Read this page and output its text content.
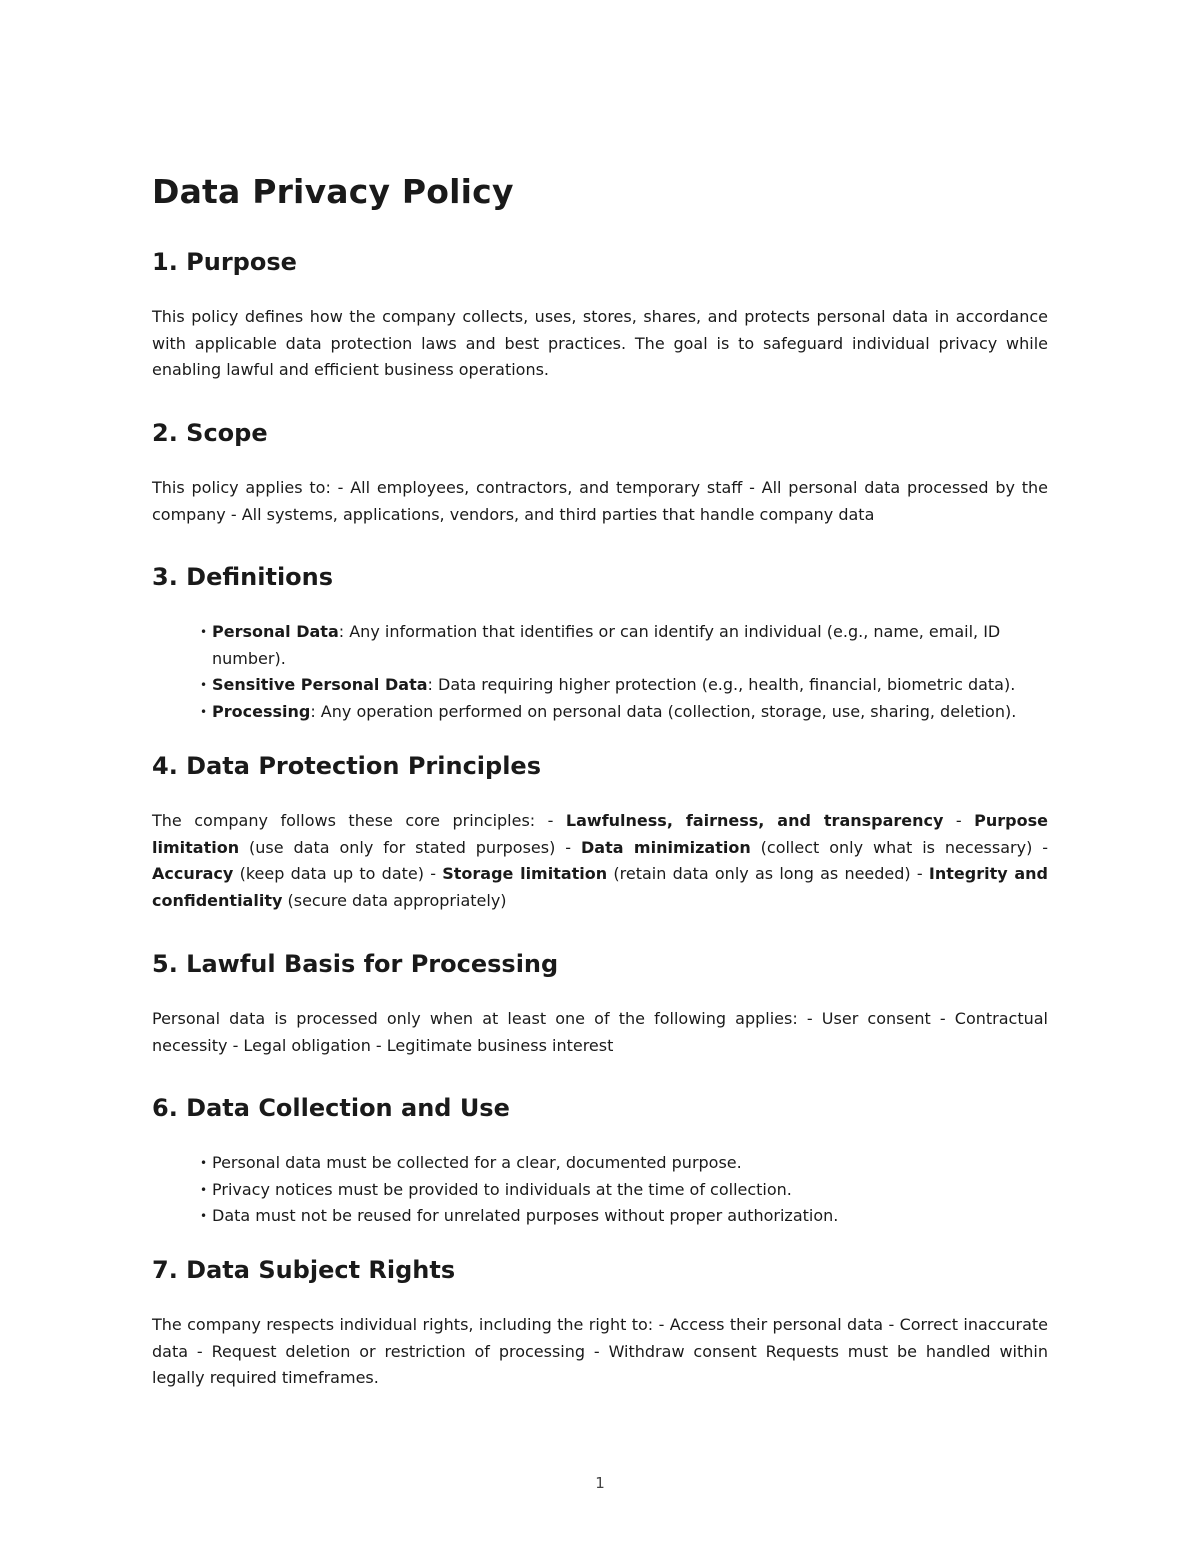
Data Privacy Policy
1. Purpose

This policy defines how the company collects, uses, stores, shares, and protects personal data in accordance with applicable data protection laws and best practices. The goal is to safeguard individual privacy while enabling lawful and efficient business operations.

2. Scope

This policy applies to: - All employees, contractors, and temporary staff - All personal data processed by the company - All systems, applications, vendors, and third parties that handle company data

3. Definitions
• Personal Data: Any information that identifies or can identify an individual (e.g., name, email, ID number).
• Sensitive Personal Data: Data requiring higher protection (e.g., health, financial, biometric data).
• Processing: Any operation performed on personal data (collection, storage, use, sharing, deletion).
4. Data Protection Principles

The company follows these core principles: - Lawfulness, fairness, and transparency - Purpose limitation (use data only for stated purposes) - Data minimization (collect only what is necessary) - Accuracy (keep data up to date) - Storage limitation (retain data only as long as needed) - Integrity and confidentiality (secure data appropriately)

5. Lawful Basis for Processing

Personal data is processed only when at least one of the following applies: - User consent - Contractual necessity - Legal obligation - Legitimate business interest

6. Data Collection and Use
• Personal data must be collected for a clear, documented purpose.
• Privacy notices must be provided to individuals at the time of collection.
• Data must not be reused for unrelated purposes without proper authorization.
7. Data Subject Rights

The company respects individual rights, including the right to: - Access their personal data - Correct inaccurate data - Request deletion or restriction of processing - Withdraw consent Requests must be handled within legally required timeframes.

1
